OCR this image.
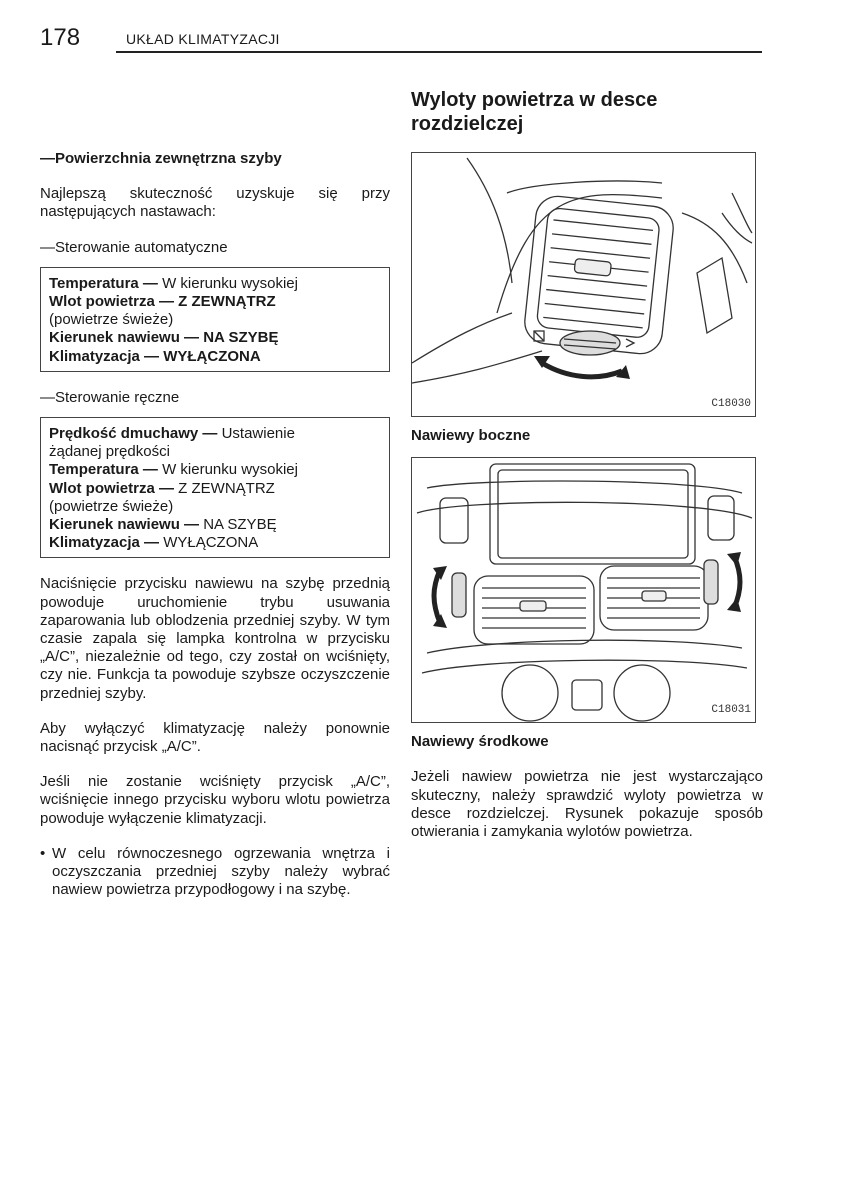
178	UKŁAD KLIMATYZACJI

—Powierzchnia zewnętrzna szyby

Najlepszą skuteczność uzyskuje się przy następujących nastawach:

—Sterowanie automatyczne

Temperatura — W kierunku wysokiej
Wlot powietrza — Z ZEWNĄTRZ
(powietrze świeże)
Kierunek nawiewu — NA SZYBĘ
Klimatyzacja — WYŁĄCZONA

—Sterowanie ręczne

Prędkość dmuchawy — Ustawienie
żądanej prędkości
Temperatura — W kierunku wysokiej
Wlot powietrza — Z ZEWNĄTRZ
(powietrze świeże)
Kierunek nawiewu — NA SZYBĘ
Klimatyzacja — WYŁĄCZONA

Naciśnięcie przycisku nawiewu na szybę przednią powoduje uruchomienie trybu usuwania zaparowania lub oblodzenia przedniej szyby. W tym czasie zapala się lampka kontrolna w przycisku „A/C”, niezależnie od tego, czy został on wciśnięty, czy nie. Funkcja ta powoduje szybsze oczyszczenie przedniej szyby.

Aby wyłączyć klimatyzację należy ponownie nacisnąć przycisk „A/C”.

Jeśli nie zostanie wciśnięty przycisk „A/C”, wciśnięcie innego przycisku wyboru wlotu powietrza powoduje wyłączenie klimatyzacji.

• W celu równoczesnego ogrzewania wnętrza i oczyszczania przedniej szyby należy wybrać nawiew powietrza przypodłogowy i na szybę.
Wyloty powietrza w desce
rozdzielczej
C18030

Nawiewy boczne

C18031

Nawiewy środkowe

Jeżeli nawiew powietrza nie jest wystarczająco skuteczny, należy sprawdzić wyloty powietrza w desce rozdzielczej. Rysunek pokazuje sposób otwierania i zamykania wylotów powietrza.
